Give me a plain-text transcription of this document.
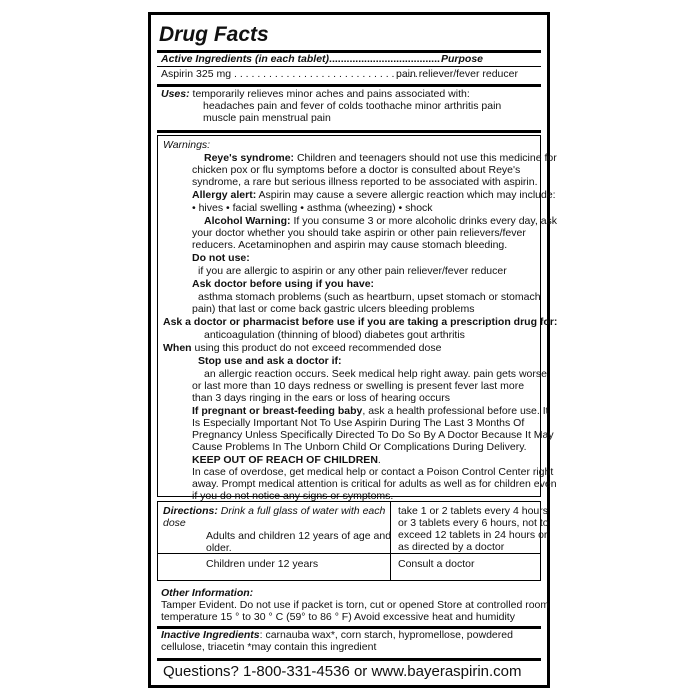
Drug Facts
Active Ingredients (in each tablet)...................................... Purpose
Aspirin 325 mg . . . . . . . . . . . . . . . . . . . . . . . . . . . . . . . .
pain reliever/fever reducer
Uses: temporarily relieves minor aches and pains associated with:
headaches pain and fever of colds toothache minor arthritis pain
muscle pain menstrual pain
Warnings:
Reye's syndrome: Children and teenagers should not use this medicine for
chicken pox or flu symptoms before a doctor is consulted about Reye's
syndrome, a rare but serious illness reported to be associated with aspirin.
Allergy alert: Aspirin may cause a severe allergic reaction which may include:
• hives • facial swelling • asthma (wheezing) • shock
Alcohol Warning: If you consume 3 or more alcoholic drinks every day, ask
your doctor whether you should take aspirin or other pain relievers/fever
reducers. Acetaminophen and aspirin may cause stomach bleeding.
Do not use:
if you are allergic to aspirin or any other pain reliever/fever reducer
Ask doctor before using if you have:
asthma stomach problems (such as heartburn, upset stomach or stomach
pain) that last or come back gastric ulcers bleeding problems
Ask a doctor or pharmacist before use if you are taking a prescription drug for:
anticoagulation (thinning of blood) diabetes gout arthritis
When using this product do not exceed recommended dose
Stop use and ask a doctor if:
an allergic reaction occurs. Seek medical help right away. pain gets worse
or last more than 10 days redness or swelling is present fever last more
than 3 days ringing in the ears or loss of hearing occurs
If pregnant or breast-feeding baby, ask a health professional before use. It
Is Especially Important Not To Use Aspirin During The Last 3 Months Of
Pregnancy Unless Specifically Directed To Do So By A Doctor Because It May
Cause Problems In The Unborn Child Or Complications During Delivery.
KEEP OUT OF REACH OF CHILDREN.
In case of overdose, get medical help or contact a Poison Control Center right
away. Prompt medical attention is critical for adults as well as for children even
if you do not notice any signs or symptoms.
Directions: Drink a full glass of water with each
dose
Adults and children 12 years of age and
older.
take 1 or 2 tablets every 4 hours
or 3 tablets every 6 hours, not to
exceed 12 tablets in 24 hours or
as directed by a doctor
Children under 12 years	Consult a doctor
Other Information:
Tamper Evident. Do not use if packet is torn, cut or opened Store at controlled room
temperature 15 ° to 30 ° C (59° to 86 ° F) Avoid excessive heat and humidity
Inactive Ingredients: carnauba wax*, corn starch, hypromellose, powdered
cellulose, triacetin *may contain this ingredient
Questions? 1-800-331-4536 or www.bayeraspirin.com
